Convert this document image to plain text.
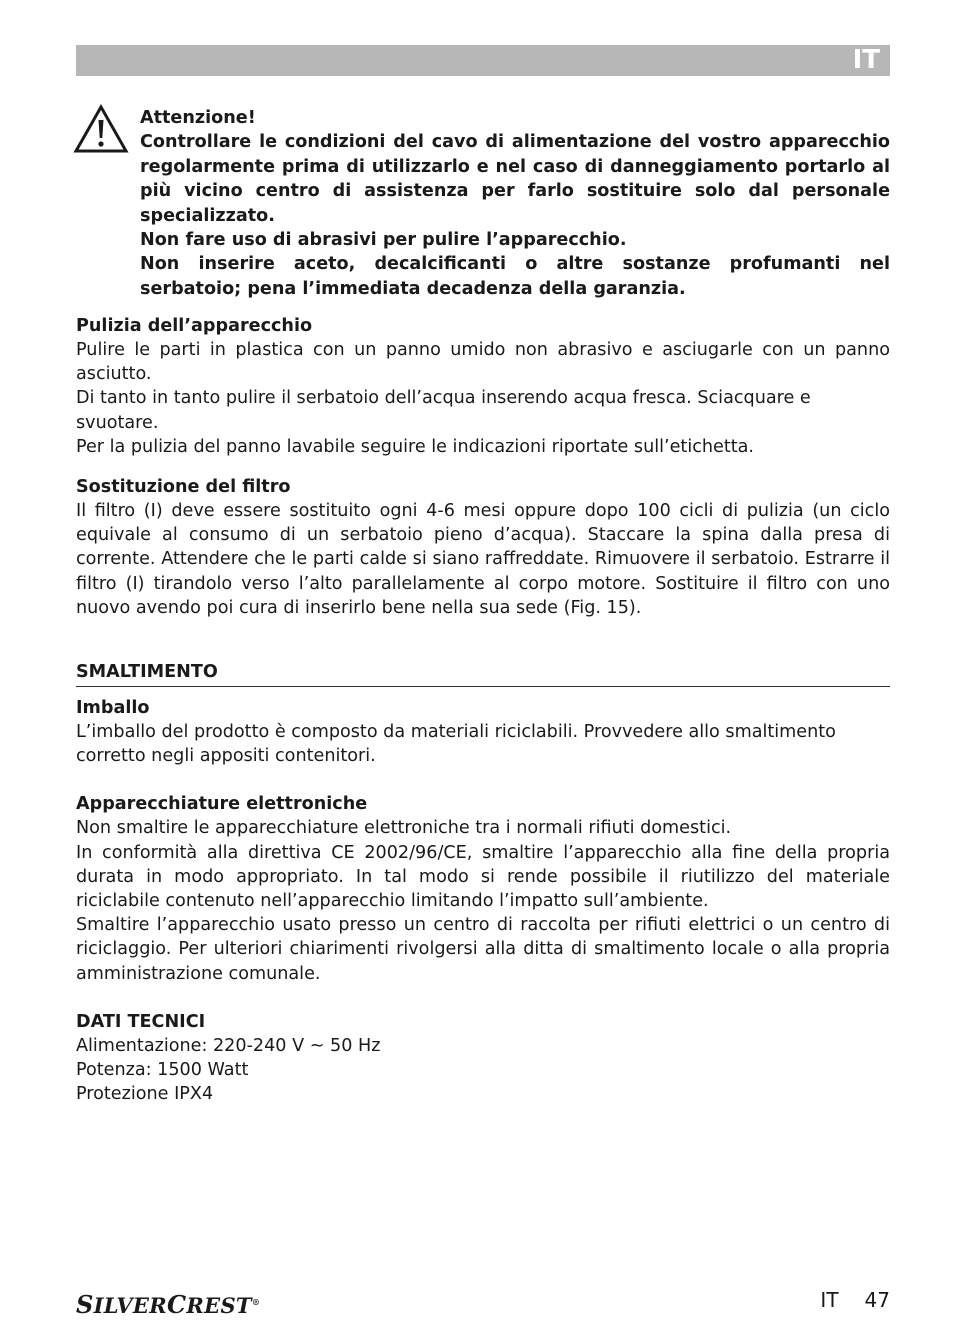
IT

Attenzione!

Controllare le condizioni del cavo di alimentazione del vostro apparecchio regolarmente prima di utilizzarlo e nel caso di danneggiamento portarlo al più vicino centro di assistenza per farlo sostituire solo dal personale specializzato.

Non fare uso di abrasivi per pulire l’apparecchio.

Non inserire aceto, decalcificanti o altre sostanze profumanti nel serbatoio; pena l’immediata decadenza della garanzia.

Pulizia dell’apparecchio

Pulire le parti in plastica con un panno umido non abrasivo e asciugarle con un panno asciutto.

Di tanto in tanto pulire il serbatoio dell’acqua inserendo acqua fresca. Sciacquare e svuotare.

Per la pulizia del panno lavabile seguire le indicazioni riportate sull’etichetta.

Sostituzione del filtro

Il filtro (I) deve essere sostituito ogni 4-6 mesi oppure dopo 100 cicli di pulizia (un ciclo equivale al consumo di un serbatoio pieno d’acqua). Staccare la spina dalla presa di corrente. Attendere che le parti calde si siano raffreddate. Rimuovere il serbatoio. Estrarre il filtro (I) tirandolo verso l’alto parallelamente al corpo motore. Sostituire il filtro con uno nuovo avendo poi cura di inserirlo bene nella sua sede (Fig. 15).

SMALTIMENTO
Imballo

L’imballo del prodotto è composto da materiali riciclabili. Provvedere allo smaltimento corretto negli appositi contenitori.

Apparecchiature elettroniche

Non smaltire le apparecchiature elettroniche tra i normali rifiuti domestici.

In conformità alla direttiva CE 2002/96/CE, smaltire l’apparecchio alla fine della propria durata in modo appropriato. In tal modo si rende possibile il riutilizzo del materiale riciclabile contenuto nell’apparecchio limitando l’impatto sull’ambiente.

Smaltire l’apparecchio usato presso un centro di raccolta per rifiuti elettrici o un centro di riciclaggio. Per ulteriori chiarimenti rivolgersi alla ditta di smaltimento locale o alla propria amministrazione comunale.

DATI TECNICI

Alimentazione: 220-240 V ~ 50 Hz

Potenza: 1500 Watt

Protezione IPX4

SILVERCREST®	IT 47
